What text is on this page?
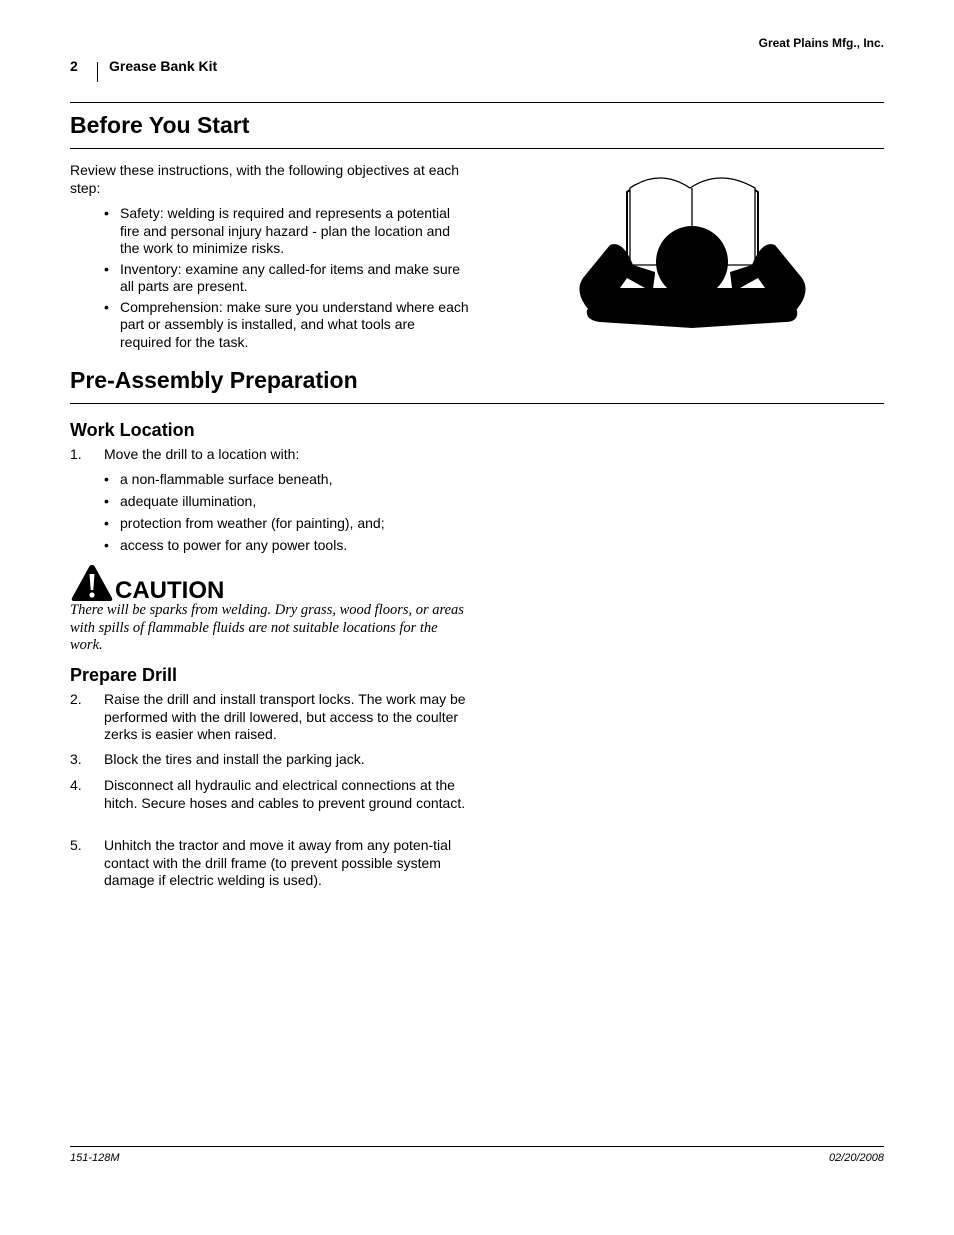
Great Plains Mfg., Inc.
2 Grease Bank Kit
Before You Start

Review these instructions, with the following objectives at each step:

• Safety: welding is required and represents a potential fire and personal injury hazard - plan the location and the work to minimize risks.
• Inventory: examine any called-for items and make sure all parts are present.
• Comprehension: make sure you understand where each part or assembly is installed, and what tools are required for the task.
Pre-Assembly Preparation
Work Location
1. Move the drill to a location with:
• a non-flammable surface beneath,
• adequate illumination,
• protection from weather (for painting), and;
• access to power for any power tools.
CAUTION
There will be sparks from welding. Dry grass, wood floors, or areas with spills of flammable fluids are not suitable locations for the work.
Prepare Drill
2. Raise the drill and install transport locks. The work may be performed with the drill lowered, but access to the coulter zerks is easier when raised.
3. Block the tires and install the parking jack.
4. Disconnect all hydraulic and electrical connections at the hitch. Secure hoses and cables to prevent ground contact.
5. Unhitch the tractor and move it away from any poten-tial contact with the drill frame (to prevent possible system damage if electric welding is used).
151-128M	02/20/2008
